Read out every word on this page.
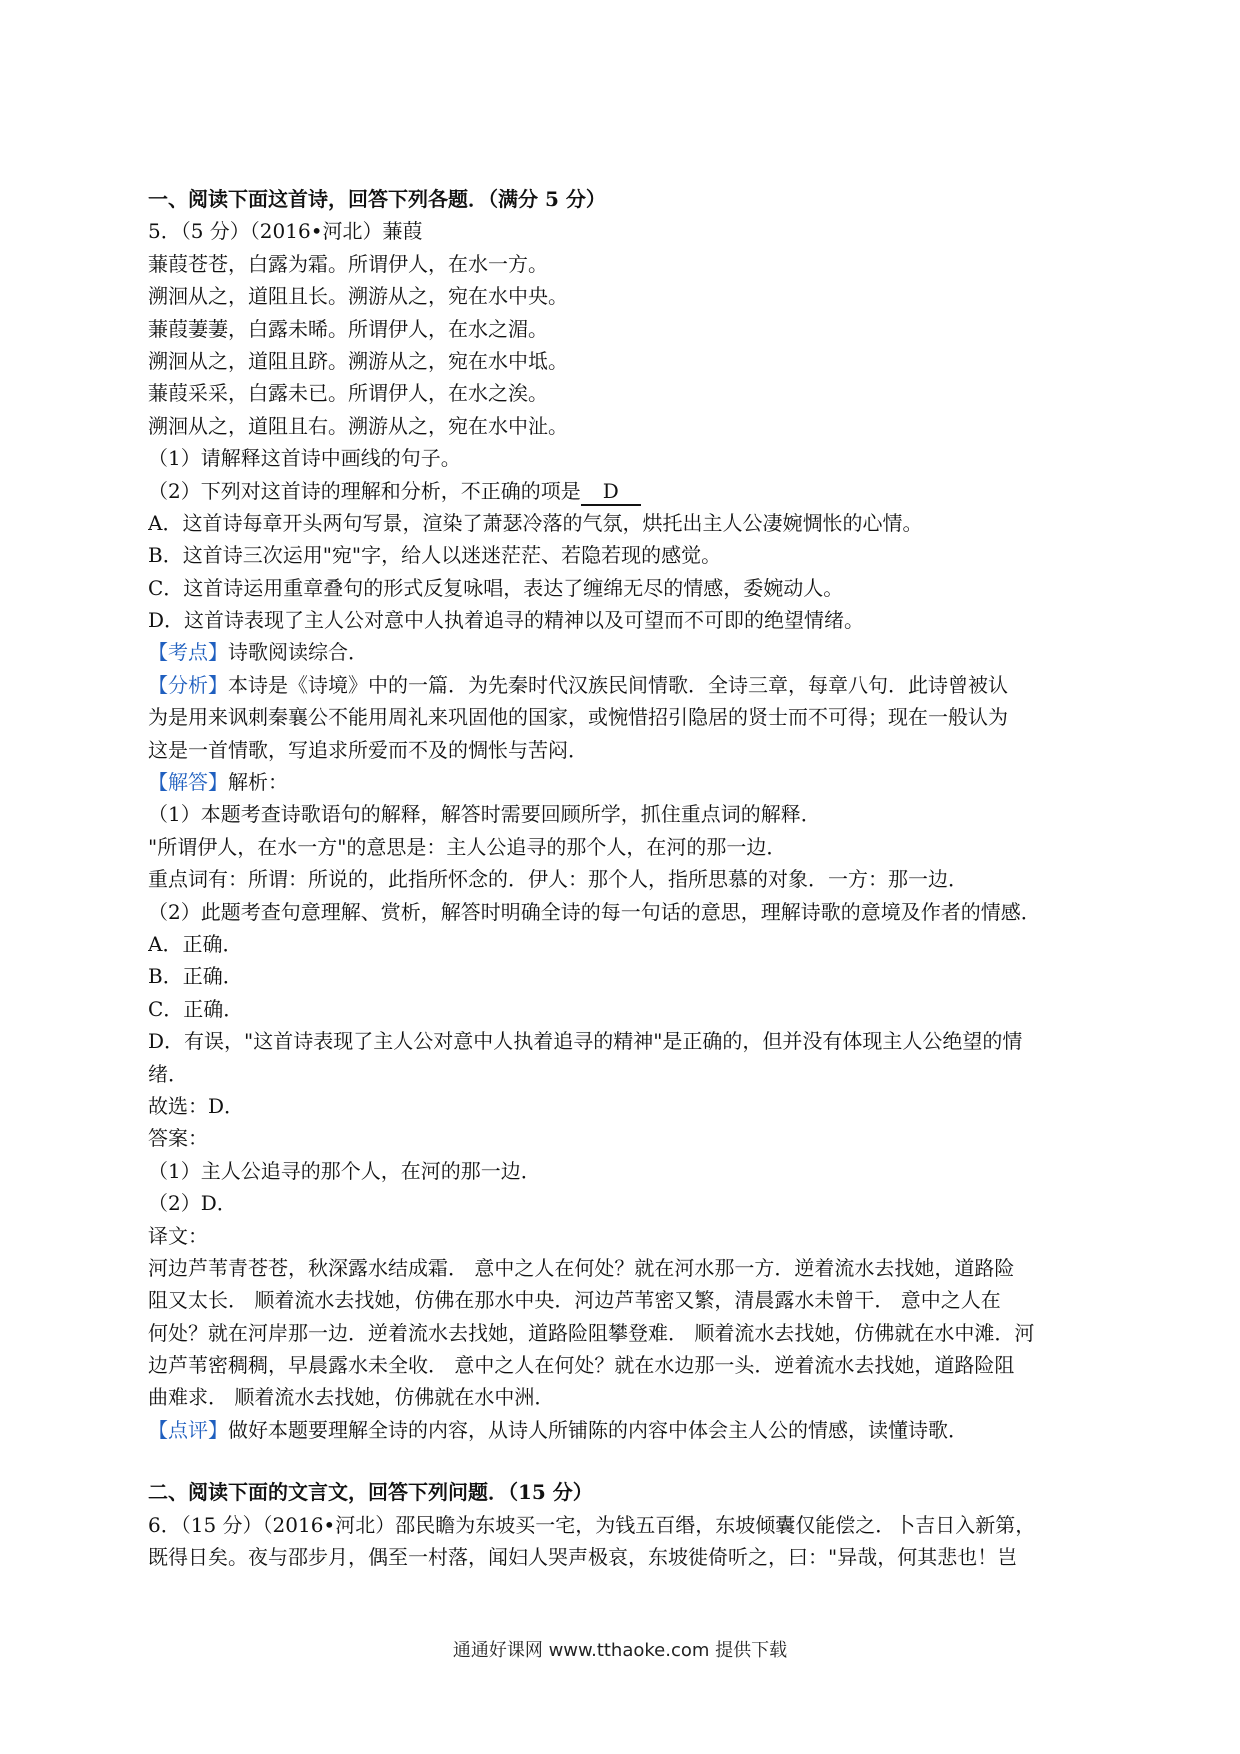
一、阅读下面这首诗，回答下列各题．（满分 5 分）
5．（5 分）（2016•河北）蒹葭
蒹葭苍苍，白露为霜。所谓伊人，在水一方。
溯洄从之，道阻且长。溯游从之，宛在水中央。
蒹葭萋萋，白露未晞。所谓伊人，在水之湄。
溯洄从之，道阻且跻。溯游从之，宛在水中坻。
蒹葭采采，白露未已。所谓伊人，在水之涘。
溯洄从之，道阻且右。溯游从之，宛在水中沚。
（1）请解释这首诗中画线的句子。
（2）下列对这首诗的理解和分析，不正确的项是 D
A．这首诗每章开头两句写景，渲染了萧瑟冷落的气氛，烘托出主人公凄婉惆怅的心情。
B．这首诗三次运用"宛"字，给人以迷迷茫茫、若隐若现的感觉。
C．这首诗运用重章叠句的形式反复咏唱，表达了缠绵无尽的情感，委婉动人。
D．这首诗表现了主人公对意中人执着追寻的精神以及可望而不可即的绝望情绪。
【考点】诗歌阅读综合．
【分析】本诗是《诗境》中的一篇．为先秦时代汉族民间情歌．全诗三章，每章八句．此诗曾被认
为是用来讽刺秦襄公不能用周礼来巩固他的国家，或惋惜招引隐居的贤士而不可得；现在一般认为
这是一首情歌，写追求所爱而不及的惆怅与苦闷．
【解答】解析：
（1）本题考查诗歌语句的解释，解答时需要回顾所学，抓住重点词的解释．
"所谓伊人，在水一方"的意思是：主人公追寻的那个人，在河的那一边．
重点词有：所谓：所说的，此指所怀念的．伊人：那个人，指所思慕的对象．一方：那一边．
（2）此题考查句意理解、赏析，解答时明确全诗的每一句话的意思，理解诗歌的意境及作者的情感．
A．正确．
B．正确．
C．正确．
D．有误，"这首诗表现了主人公对意中人执着追寻的精神"是正确的，但并没有体现主人公绝望的情
绪．
故选：D．
答案：
（1）主人公追寻的那个人，在河的那一边．
（2）D．
译文：
河边芦苇青苍苍，秋深露水结成霜． 意中之人在何处？就在河水那一方．逆着流水去找她，道路险
阻又太长． 顺着流水去找她，仿佛在那水中央．河边芦苇密又繁，清晨露水未曾干． 意中之人在
何处？就在河岸那一边．逆着流水去找她，道路险阻攀登难． 顺着流水去找她，仿佛就在水中滩．河
边芦苇密稠稠，早晨露水未全收． 意中之人在何处？就在水边那一头．逆着流水去找她，道路险阻
曲难求． 顺着流水去找她，仿佛就在水中洲．
【点评】做好本题要理解全诗的内容，从诗人所铺陈的内容中体会主人公的情感，读懂诗歌．
二、阅读下面的文言文，回答下列问题．（15 分）
6．（15 分）（2016•河北）邵民瞻为东坡买一宅，为钱五百缗，东坡倾囊仅能偿之．卜吉日入新第，
既得日矣。夜与邵步月，偶至一村落，闻妇人哭声极哀，东坡徙倚听之，曰："异哉，何其悲也！岂
通通好课网 www.tthaoke.com 提供下载
